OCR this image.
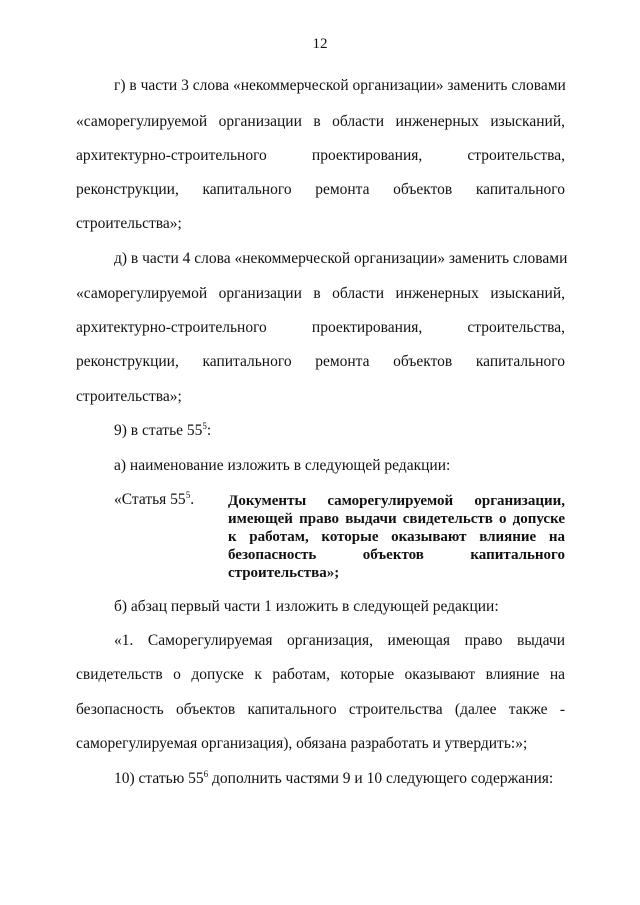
12
г) в части 3 слова «некоммерческой организации» заменить словами
«саморегулируемой организации в области инженерных изысканий,
архитектурно-строительного проектирования, строительства,
реконструкции, капитального ремонта объектов капитального
строительства»;
д) в части 4 слова «некоммерческой организации» заменить словами
«саморегулируемой организации в области инженерных изысканий,
архитектурно-строительного проектирования, строительства,
реконструкции, капитального ремонта объектов капитального
строительства»;
9) в статье $55^5$:
а) наименование изложить в следующей редакции:
«Статья $55^5$. Документы саморегулируемой организации,
имеющей право выдачи свидетельств о допуске
к работам, которые оказывают влияние на
безопасность объектов капитального
строительства»;
б) абзац первый части 1 изложить в следующей редакции:
«1. Саморегулируемая организация, имеющая право выдачи
свидетельств о допуске к работам, которые оказывают влияние на
безопасность объектов капитального строительства (далее также -
саморегулируемая организация), обязана разработать и утвердить:»;
10) статью $55^6$ дополнить частями 9 и 10 следующего содержания:
